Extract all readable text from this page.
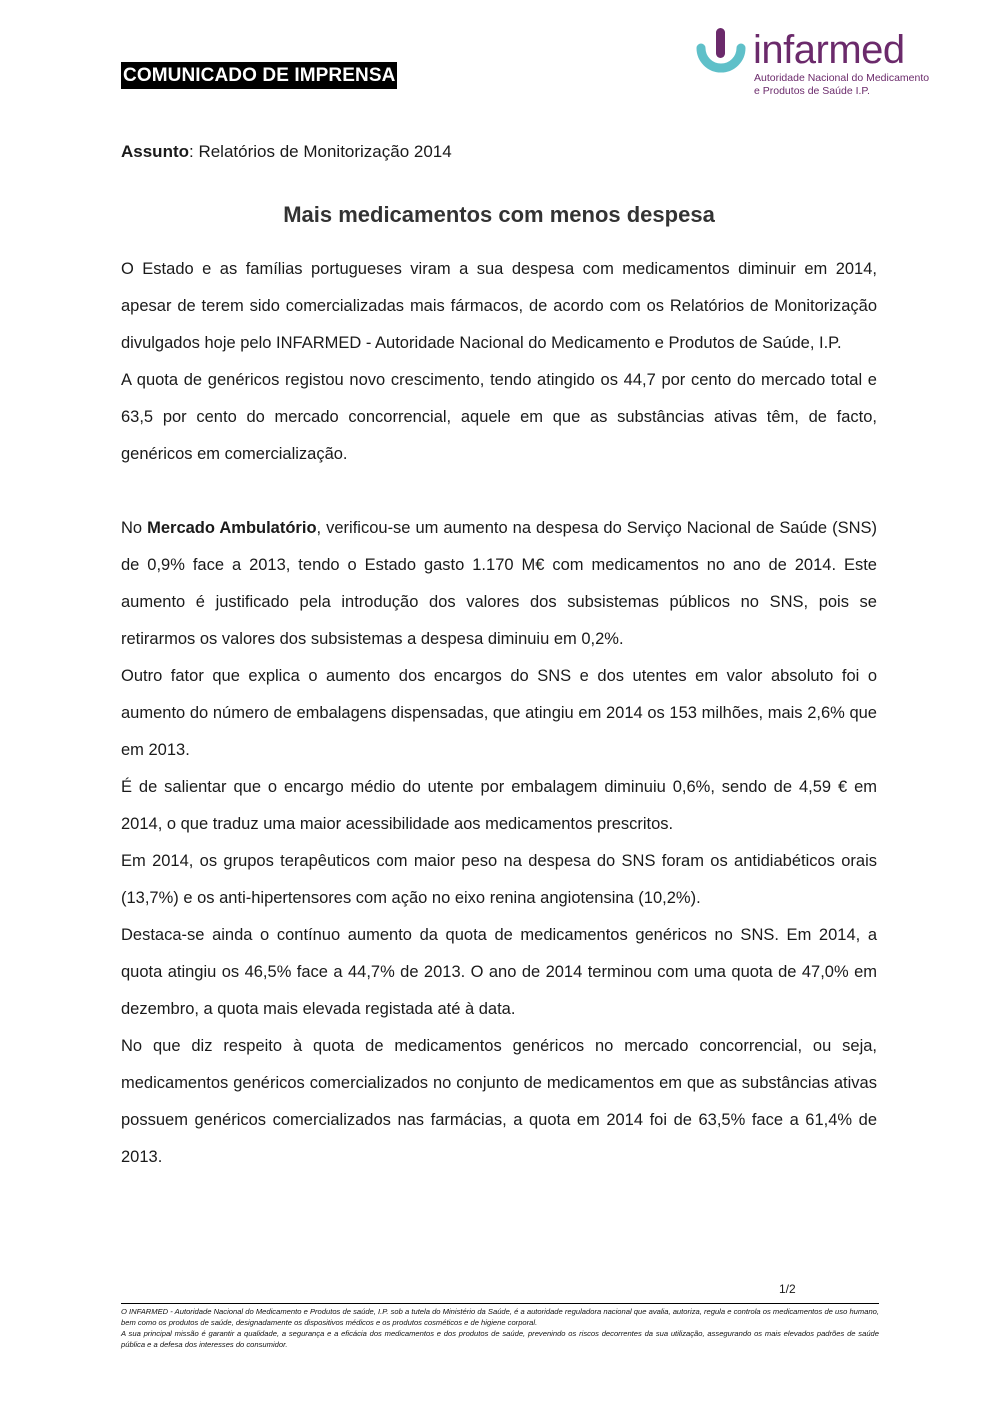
COMUNICADO DE IMPRENSA
infarmed
Autoridade Nacional do Medicamento
e Produtos de Saúde I.P.
Assunto: Relatórios de Monitorização 2014
Mais medicamentos com menos despesa

O Estado e as famílias portugueses viram a sua despesa com medicamentos diminuir em 2014, apesar de terem sido comercializadas mais fármacos, de acordo com os Relatórios de Monitorização divulgados hoje pelo INFARMED - Autoridade Nacional do Medicamento e Produtos de Saúde, I.P.

A quota de genéricos registou novo crescimento, tendo atingido os 44,7 por cento do mercado total e 63,5 por cento do mercado concorrencial, aquele em que as substâncias ativas têm, de facto, genéricos em comercialização.

No Mercado Ambulatório, verificou-se um aumento na despesa do Serviço Nacional de Saúde (SNS) de 0,9% face a 2013, tendo o Estado gasto 1.170 M€ com medicamentos no ano de 2014. Este aumento é justificado pela introdução dos valores dos subsistemas públicos no SNS, pois se retirarmos os valores dos subsistemas a despesa diminuiu em 0,2%.

Outro fator que explica o aumento dos encargos do SNS e dos utentes em valor absoluto foi o aumento do número de embalagens dispensadas, que atingiu em 2014 os 153 milhões, mais 2,6% que em 2013.

É de salientar que o encargo médio do utente por embalagem diminuiu 0,6%, sendo de 4,59 € em 2014, o que traduz uma maior acessibilidade aos medicamentos prescritos.

Em 2014, os grupos terapêuticos com maior peso na despesa do SNS foram os antidiabéticos orais (13,7%) e os anti-hipertensores com ação no eixo renina angiotensina (10,2%).

Destaca-se ainda o contínuo aumento da quota de medicamentos genéricos no SNS. Em 2014, a quota atingiu os 46,5% face a 44,7% de 2013. O ano de 2014 terminou com uma quota de 47,0% em dezembro, a quota mais elevada registada até à data.

No que diz respeito à quota de medicamentos genéricos no mercado concorrencial, ou seja, medicamentos genéricos comercializados no conjunto de medicamentos em que as substâncias ativas possuem genéricos comercializados nas farmácias, a quota em 2014 foi de 63,5% face a 61,4% de 2013.

1/2
O INFARMED - Autoridade Nacional do Medicamento e Produtos de saúde, I.P. sob a tutela do Ministério da Saúde, é a autoridade reguladora nacional que avalia, autoriza, regula e controla os medicamentos de uso humano, bem como os produtos de saúde, designadamente os dispositivos médicos e os produtos cosméticos e de higiene corporal.
A sua principal missão é garantir a qualidade, a segurança e a eficácia dos medicamentos e dos produtos de saúde, prevenindo os riscos decorrentes da sua utilização, assegurando os mais elevados padrões de saúde pública e a defesa dos interesses do consumidor.
